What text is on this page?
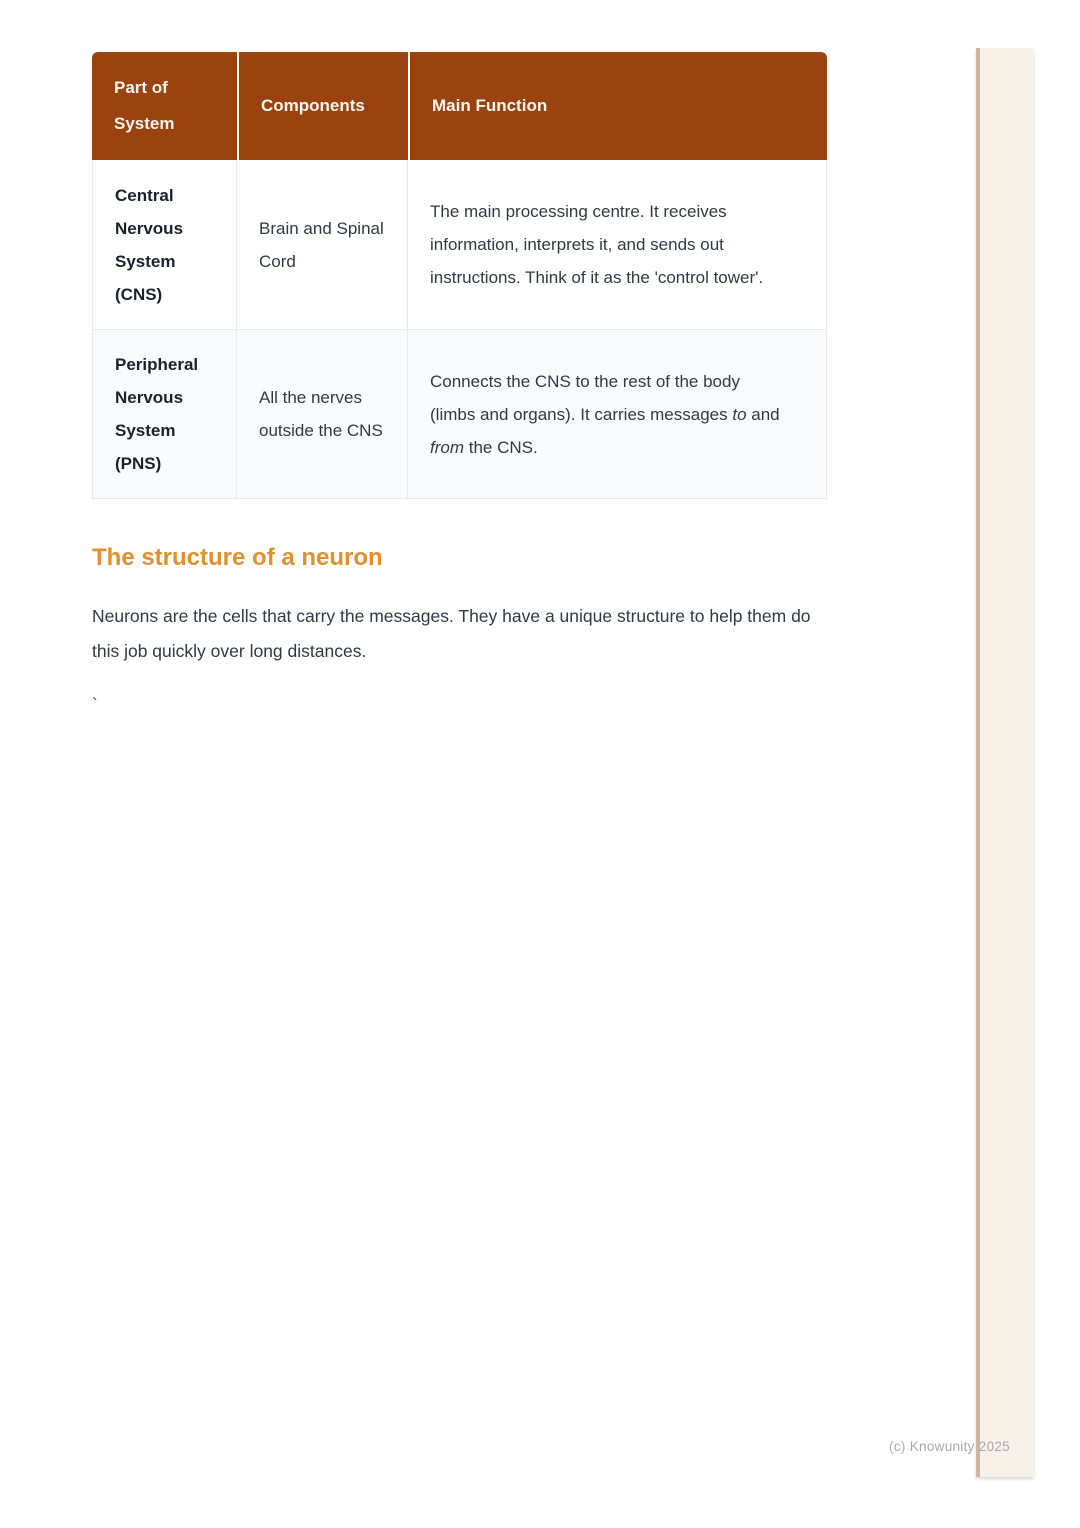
Part of System
Components	Main Function
Central Nervous System (CNS)
Brain and Spinal Cord
The main processing centre. It receives information, interprets it, and sends out instructions. Think of it as the 'control tower'.
Peripheral Nervous System (PNS)
All the nerves outside the CNS
Connects the CNS to the rest of the body (limbs and organs). It carries messages to and from the CNS.
The structure of a neuron

Neurons are the cells that carry the messages. They have a unique structure to help them do this job quickly over long distances.

`

(c) Knowunity 2025
